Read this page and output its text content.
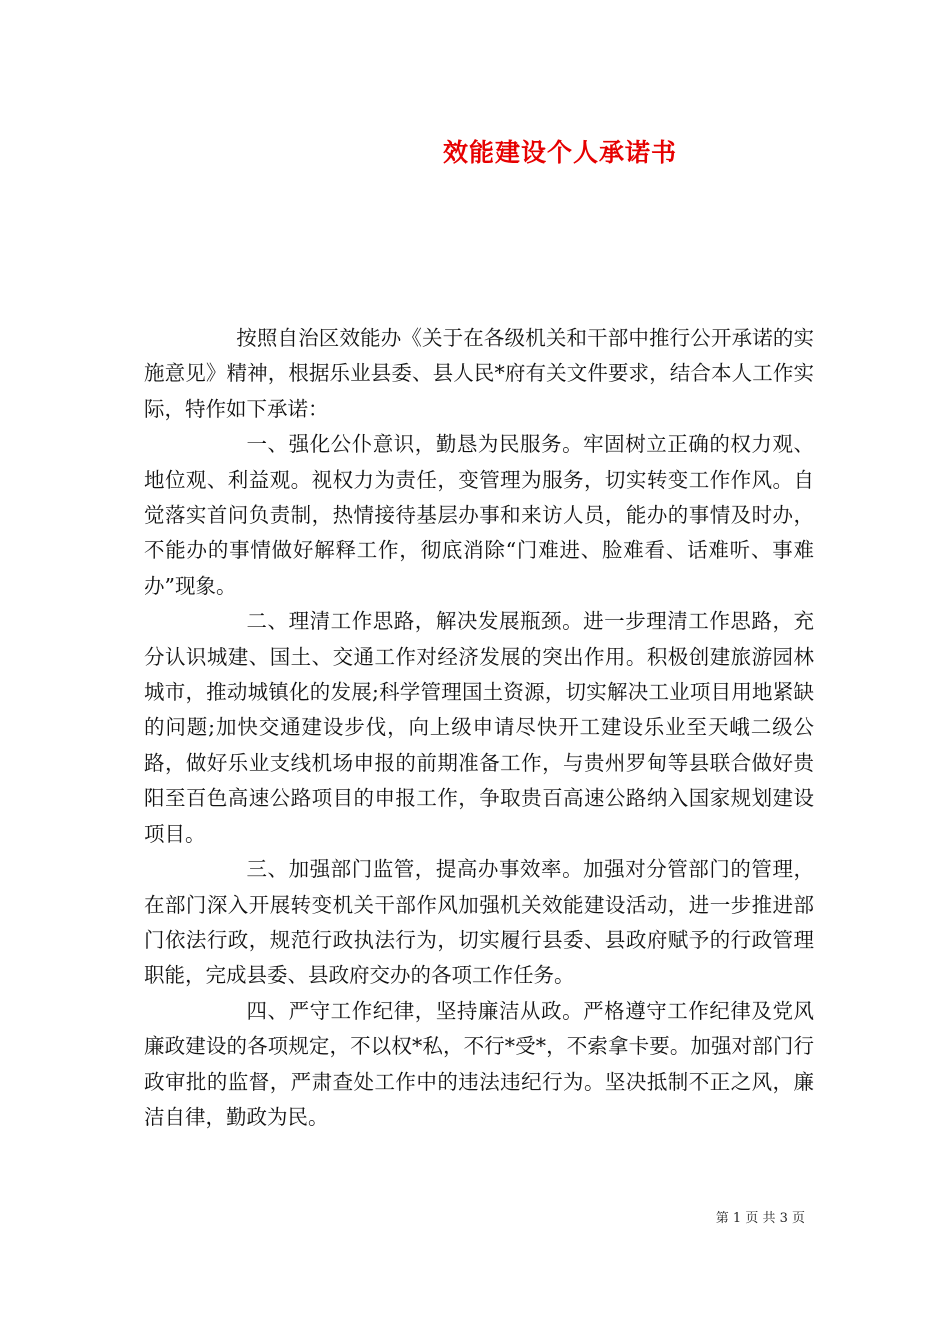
效能建设个人承诺书

按照自治区效能办《关于在各级机关和干部中推行公开承诺的实施意见》精神，根据乐业县委、县人民*府有关文件要求，结合本人工作实际，特作如下承诺：

一、强化公仆意识，勤恳为民服务。牢固树立正确的权力观、地位观、利益观。视权力为责任，变管理为服务，切实转变工作作风。自觉落实首问负责制，热情接待基层办事和来访人员，能办的事情及时办，不能办的事情做好解释工作，彻底消除“门难进、脸难看、话难听、事难办”现象。

二、理清工作思路，解决发展瓶颈。进一步理清工作思路，充分认识城建、国土、交通工作对经济发展的突出作用。积极创建旅游园林城市，推动城镇化的发展;科学管理国土资源，切实解决工业项目用地紧缺的问题;加快交通建设步伐，向上级申请尽快开工建设乐业至天峨二级公路，做好乐业支线机场申报的前期准备工作，与贵州罗甸等县联合做好贵阳至百色高速公路项目的申报工作，争取贵百高速公路纳入国家规划建设项目。

三、加强部门监管，提高办事效率。加强对分管部门的管理，在部门深入开展转变机关干部作风加强机关效能建设活动，进一步推进部门依法行政，规范行政执法行为，切实履行县委、县政府赋予的行政管理职能，完成县委、县政府交办的各项工作任务。

四、严守工作纪律，坚持廉洁从政。严格遵守工作纪律及党风廉政建设的各项规定，不以权*私，不行*受*，不索拿卡要。加强对部门行政审批的监督，严肃查处工作中的违法违纪行为。坚决抵制不正之风，廉洁自律，勤政为民。

第 1 页 共 3 页
